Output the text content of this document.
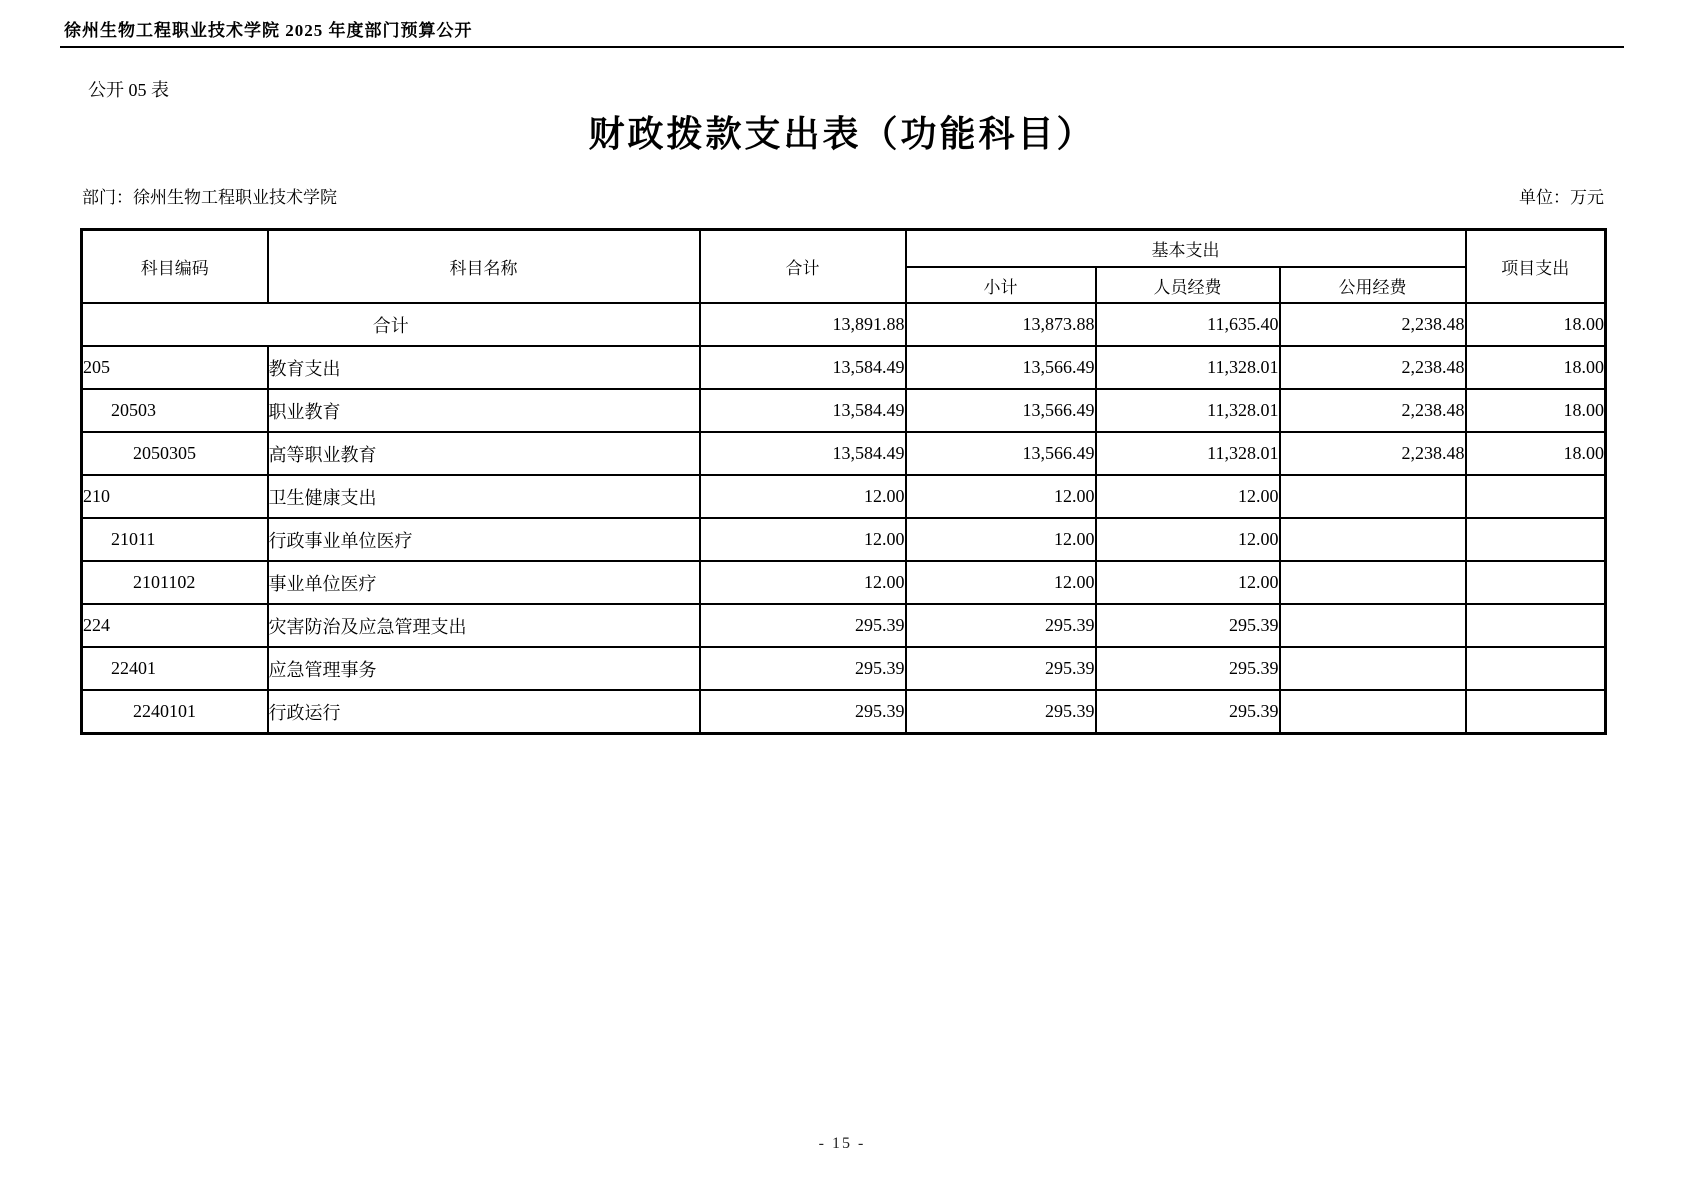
徐州生物工程职业技术学院 2025 年度部门预算公开
公开 05 表
财政拨款支出表（功能科目）
部门：徐州生物工程职业技术学院	单位：万元
科目编码	科目名称	合计	基本支出			项目支出
			小计	人员经费	公用经费	
合计		13,891.88	13,873.88	11,635.40	2,238.48	18.00
205	教育支出	13,584.49	13,566.49	11,328.01	2,238.48	18.00
20503	职业教育	13,584.49	13,566.49	11,328.01	2,238.48	18.00
2050305	高等职业教育	13,584.49	13,566.49	11,328.01	2,238.48	18.00
210	卫生健康支出	12.00	12.00	12.00		
21011	行政事业单位医疗	12.00	12.00	12.00		
2101102	事业单位医疗	12.00	12.00	12.00		
224	灾害防治及应急管理支出	295.39	295.39	295.39		
22401	应急管理事务	295.39	295.39	295.39		
2240101	行政运行	295.39	295.39	295.39		
- 15 -
